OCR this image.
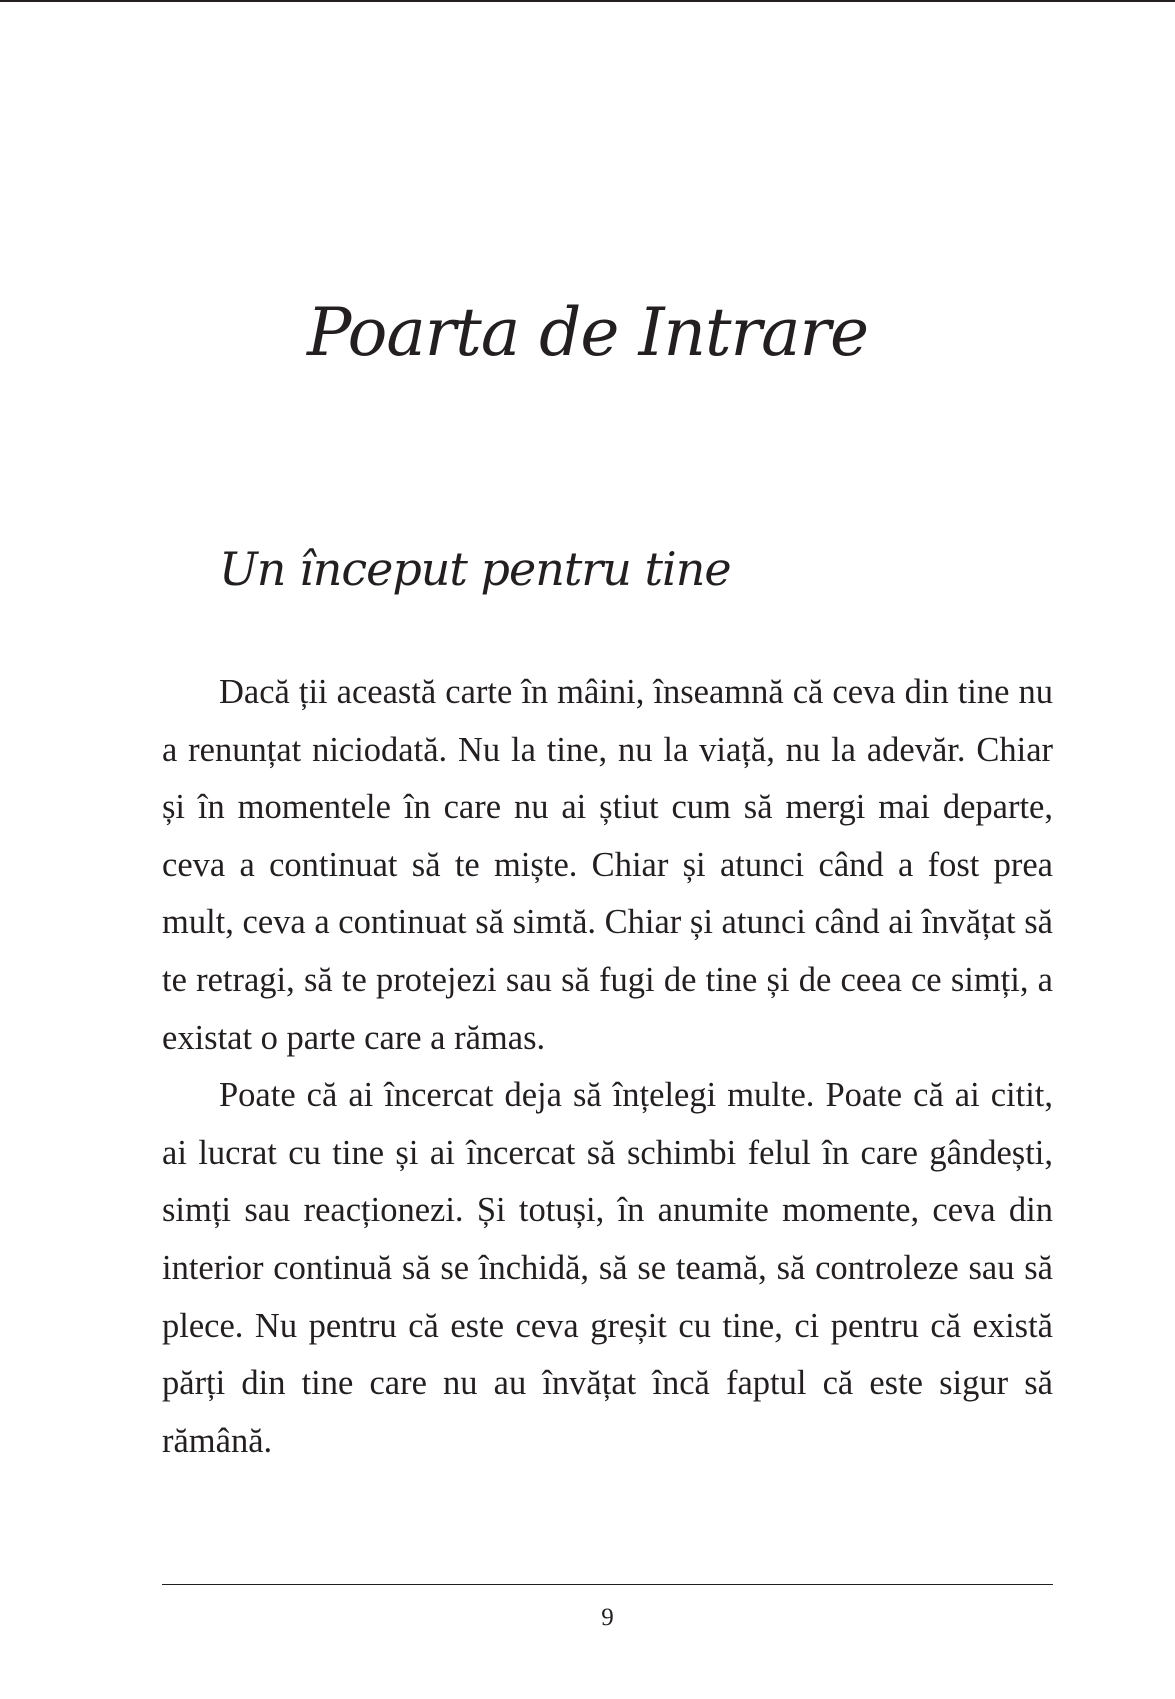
Poarta de Intrare
Un început pentru tine

Dacă ții această carte în mâini, înseamnă că ceva din tine nu a renunțat niciodată. Nu la tine, nu la viață, nu la adevăr. Chiar și în momentele în care nu ai știut cum să mergi mai departe, ceva a continuat să te miște. Chiar și atunci când a fost prea mult, ceva a continuat să simtă. Chiar și atunci când ai învățat să te retragi, să te protejezi sau să fugi de tine și de ceea ce simți, a existat o parte care a rămas.

Poate că ai încercat deja să înțelegi multe. Poate că ai citit, ai lucrat cu tine și ai încercat să schimbi felul în care gândești, simți sau reacționezi. Și totuși, în anumite momente, ceva din interior continuă să se închidă, să se teamă, să controleze sau să plece. Nu pentru că este ceva greșit cu tine, ci pentru că există părți din tine care nu au învățat încă faptul că este sigur să rămână.

9
